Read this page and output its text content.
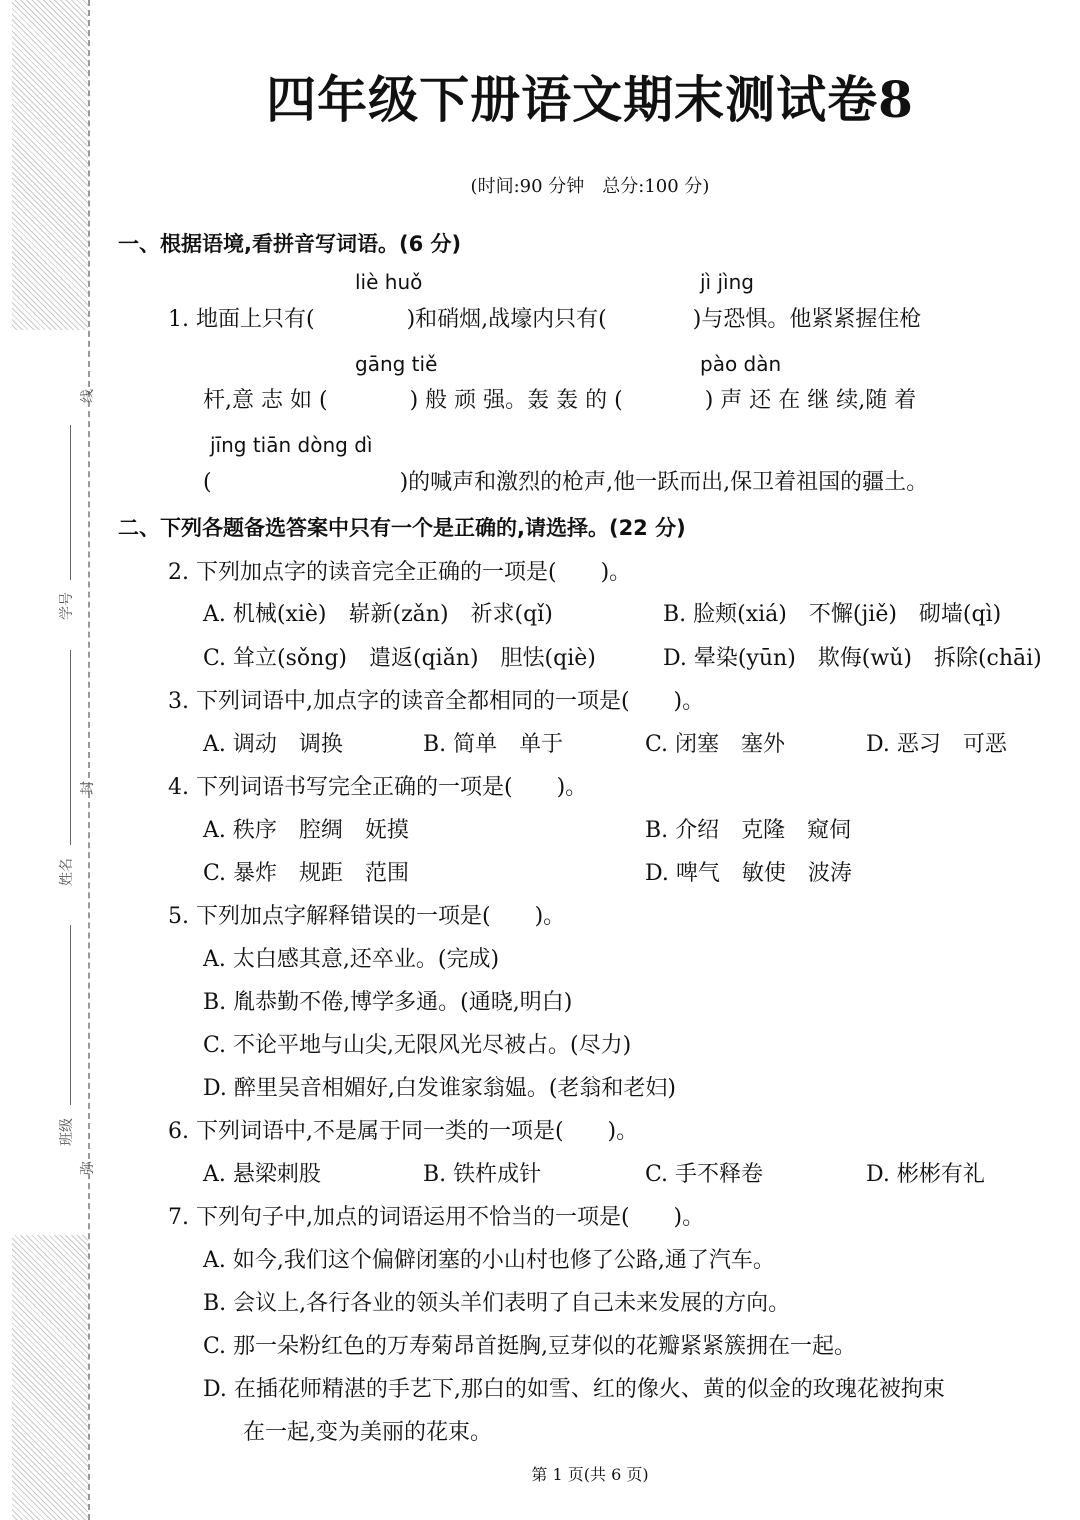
线
学号
封
姓名
班级
弥
四年级下册语文期末测试卷8
(时间:90 分钟　总分:100 分)
一、根据语境,看拼音写词语。(6 分)
liè huǒ	jì jìng
1. 地面上只有(	)和硝烟,战壕内只有(	)与恐惧。他紧紧握住枪
gāng tiě	pào dàn
杆,意 志 如 (	) 般 顽 强。轰 轰 的 (	) 声 还 在 继 续,随 着
jīng tiān dòng dì
(	)的喊声和激烈的枪声,他一跃而出,保卫着祖国的疆土。
二、下列各题备选答案中只有一个是正确的,请选择。(22 分)
2. 下列加点字的读音完全正确的一项是(　　)。
A. 机械(xiè)　崭新(zǎn)　祈求(qǐ)	B. 脸颊(xiá)　不懈(jiě)　砌墙(qì)
C. 耸立(sǒng)　遣返(qiǎn)　胆怯(qiè)	D. 晕染(yūn)　欺侮(wǔ)　拆除(chāi)
3. 下列词语中,加点字的读音全都相同的一项是(　　)。
A. 调动　调换	B. 简单　单于	C. 闭塞　塞外	D. 恶习　可恶
4. 下列词语书写完全正确的一项是(　　)。
A. 秩序　腔绸　妩摸	B. 介绍　克隆　窥伺
C. 暴炸　规距　范围	D. 啤气　敏使　波涛
5. 下列加点字解释错误的一项是(　　)。
A. 太白感其意,还卒业。(完成)
B. 胤恭勤不倦,博学多通。(通晓,明白)
C. 不论平地与山尖,无限风光尽被占。(尽力)
D. 醉里吴音相媚好,白发谁家翁媪。(老翁和老妇)
6. 下列词语中,不是属于同一类的一项是(　　)。
A. 悬梁刺股	B. 铁杵成针	C. 手不释卷	D. 彬彬有礼
7. 下列句子中,加点的词语运用不恰当的一项是(　　)。
A. 如今,我们这个偏僻闭塞的小山村也修了公路,通了汽车。
B. 会议上,各行各业的领头羊们表明了自己未来发展的方向。
C. 那一朵粉红色的万寿菊昂首挺胸,豆芽似的花瓣紧紧簇拥在一起。
D. 在插花师精湛的手艺下,那白的如雪、红的像火、黄的似金的玫瑰花被拘束
在一起,变为美丽的花束。
第 1 页(共 6 页)
